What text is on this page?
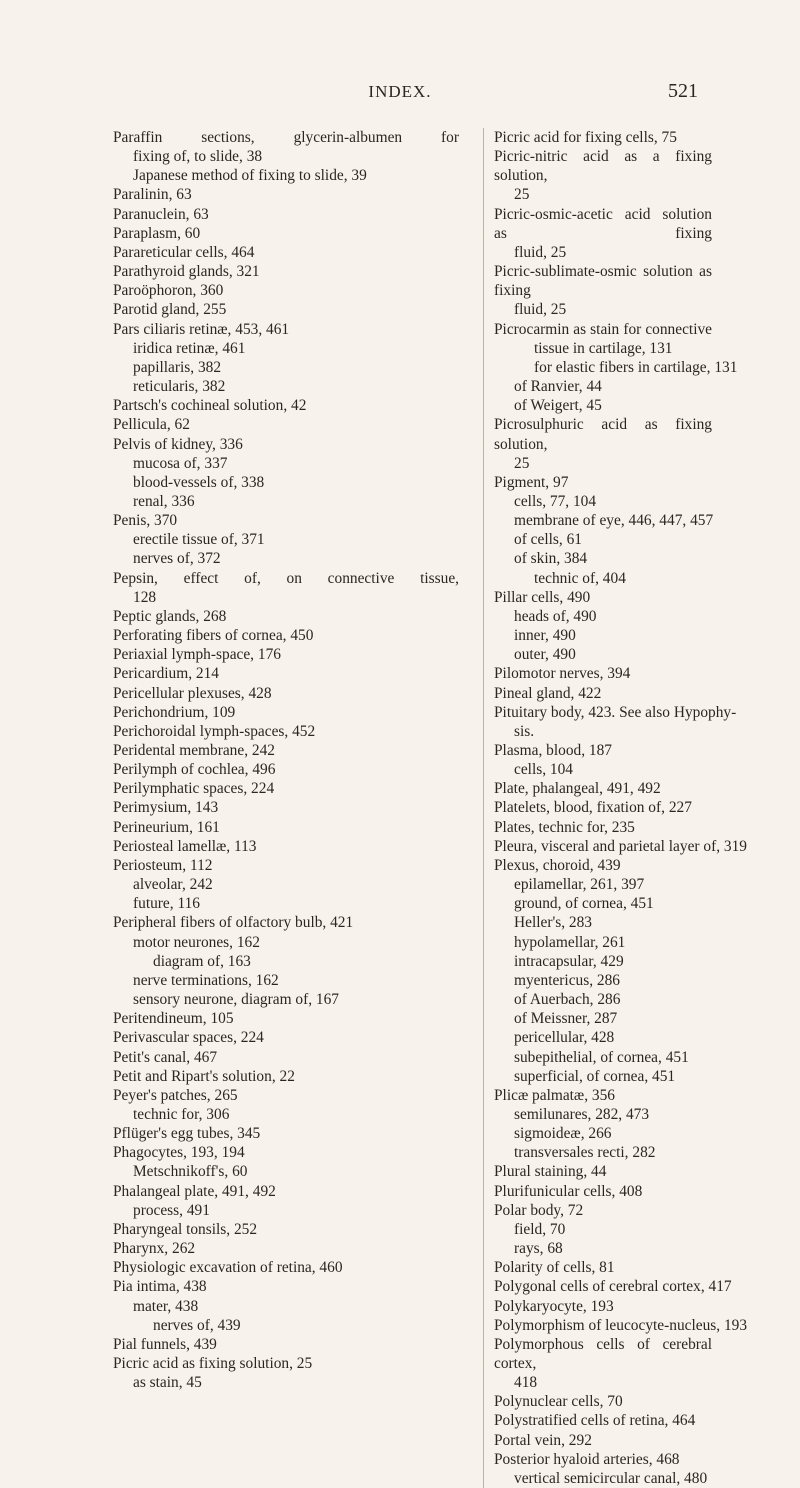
INDEX.	521
Paraffin sections, glycerin-albumen for
fixing of, to slide, 38
Japanese method of fixing to slide, 39
Paralinin, 63
Paranuclein, 63
Paraplasm, 60
Parareticular cells, 464
Parathyroid glands, 321
Paroöphoron, 360
Parotid gland, 255
Pars ciliaris retinæ, 453, 461
iridica retinæ, 461
papillaris, 382
reticularis, 382
Partsch's cochineal solution, 42
Pellicula, 62
Pelvis of kidney, 336
mucosa of, 337
blood-vessels of, 338
renal, 336
Penis, 370
erectile tissue of, 371
nerves of, 372
Pepsin, effect of, on connective tissue,
128
Peptic glands, 268
Perforating fibers of cornea, 450
Periaxial lymph-space, 176
Pericardium, 214
Pericellular plexuses, 428
Perichondrium, 109
Perichoroidal lymph-spaces, 452
Peridental membrane, 242
Perilymph of cochlea, 496
Perilymphatic spaces, 224
Perimysium, 143
Perineurium, 161
Periosteal lamellæ, 113
Periosteum, 112
alveolar, 242
future, 116
Peripheral fibers of olfactory bulb, 421
motor neurones, 162
diagram of, 163
nerve terminations, 162
sensory neurone, diagram of, 167
Peritendineum, 105
Perivascular spaces, 224
Petit's canal, 467
Petit and Ripart's solution, 22
Peyer's patches, 265
technic for, 306
Pflüger's egg tubes, 345
Phagocytes, 193, 194
Metschnikoff's, 60
Phalangeal plate, 491, 492
process, 491
Pharyngeal tonsils, 252
Pharynx, 262
Physiologic excavation of retina, 460
Pia intima, 438
mater, 438
nerves of, 439
Pial funnels, 439
Picric acid as fixing solution, 25
as stain, 45
Picric acid for fixing cells, 75
Picric-nitric acid as a fixing solution,
25
Picric-osmic-acetic acid solution as fixing
fluid, 25
Picric-sublimate-osmic solution as fixing
fluid, 25
Picrocarmin as stain for connective
tissue in cartilage, 131
for elastic fibers in cartilage, 131
of Ranvier, 44
of Weigert, 45
Picrosulphuric acid as fixing solution,
25
Pigment, 97
cells, 77, 104
membrane of eye, 446, 447, 457
of cells, 61
of skin, 384
technic of, 404
Pillar cells, 490
heads of, 490
inner, 490
outer, 490
Pilomotor nerves, 394
Pineal gland, 422
Pituitary body, 423. See also Hypophy-
sis.
Plasma, blood, 187
cells, 104
Plate, phalangeal, 491, 492
Platelets, blood, fixation of, 227
Plates, technic for, 235
Pleura, visceral and parietal layer of, 319
Plexus, choroid, 439
epilamellar, 261, 397
ground, of cornea, 451
Heller's, 283
hypolamellar, 261
intracapsular, 429
myentericus, 286
of Auerbach, 286
of Meissner, 287
pericellular, 428
subepithelial, of cornea, 451
superficial, of cornea, 451
Plicæ palmatæ, 356
semilunares, 282, 473
sigmoideæ, 266
transversales recti, 282
Plural staining, 44
Plurifunicular cells, 408
Polar body, 72
field, 70
rays, 68
Polarity of cells, 81
Polygonal cells of cerebral cortex, 417
Polykaryocyte, 193
Polymorphism of leucocyte-nucleus, 193
Polymorphous cells of cerebral cortex,
418
Polynuclear cells, 70
Polystratified cells of retina, 464
Portal vein, 292
Posterior hyaloid arteries, 468
vertical semicircular canal, 480
